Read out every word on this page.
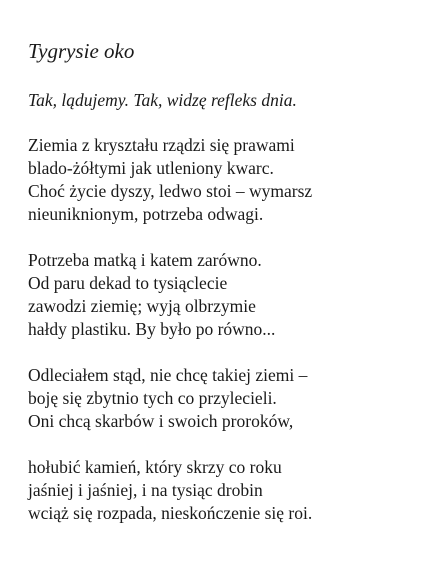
Tygrysie oko
Tak, lądujemy. Tak, widzę refleks dnia.
Ziemia z kryształu rządzi się prawami
blado-żółtymi jak utleniony kwarc.
Choć życie dyszy, ledwo stoi – wymarsz
nieuniknionym, potrzeba odwagi.
Potrzeba matką i katem zarówno.
Od paru dekad to tysiąclecie
zawodzi ziemię; wyją olbrzymie
hałdy plastiku. By było po równo...
Odleciałem stąd, nie chcę takiej ziemi –
boję się zbytnio tych co przylecieli.
Oni chcą skarbów i swoich proroków,
hołubić kamień, który skrzy co roku
jaśniej i jaśniej, i na tysiąc drobin
wciąż się rozpada, nieskończenie się roi.
